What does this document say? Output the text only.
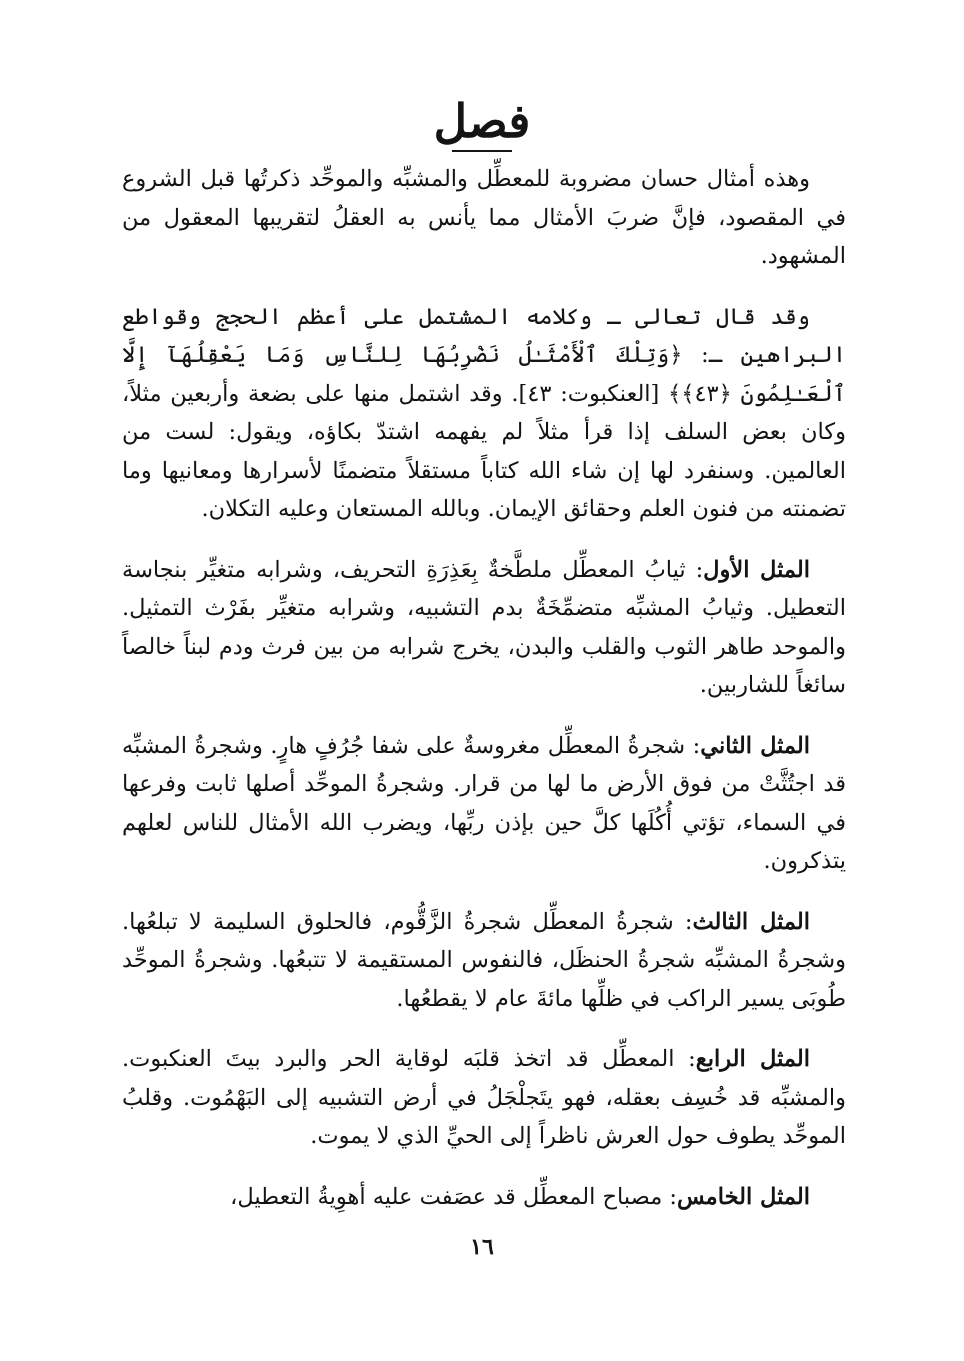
فصل

وهذه أمثال حسان مضروبة للمعطِّل والمشبِّه والموحِّد ذكرتُها قبل الشروع في المقصود، فإنَّ ضربَ الأمثال مما يأنس به العقلُ لتقريبها المعقول من المشهود.

وقد قال تعالى ـ وكلامه المشتمل على أعظم الحجج وقواطع البراهين ـ: ﴿وَتِلْكَ ٱلْأَمْثَـٰلُ نَضْرِبُهَا لِلنَّاسِ وَمَا يَعْقِلُهَآ إِلَّا ٱلْعَـٰلِمُونَ ﴿٤٣﴾﴾ [العنكبوت: ٤٣]. وقد اشتمل منها على بضعة وأربعين مثلاً، وكان بعض السلف إذا قرأ مثلاً لم يفهمه اشتدّ بكاؤه، ويقول: لست من العالمين. وسنفرد لها إن شاء الله كتاباً مستقلاً متضمنًا لأسرارها ومعانيها وما تضمنته من فنون العلم وحقائق الإيمان. وبالله المستعان وعليه التكلان.

المثل الأول: ثيابُ المعطِّل ملطَّخةٌ بِعَذِرَةِ التحريف، وشرابه متغيِّر بنجاسة التعطيل. وثيابُ المشبِّه متضمِّخَةٌ بدم التشبيه، وشرابه متغيِّر بفَرْث التمثيل. والموحد طاهر الثوب والقلب والبدن، يخرج شرابه من بين فرث ودم لبناً خالصاً سائغاً للشاربين.

المثل الثاني: شجرةُ المعطِّل مغروسةٌ على شفا جُرُفٍ هارٍ. وشجرةُ المشبِّه قد اجتُثَّتْ من فوق الأرض ما لها من قرار. وشجرةُ الموحِّد أصلها ثابت وفرعها في السماء، تؤتي أُكُلَها كلَّ حين بإذن ربِّها، ويضرب الله الأمثال للناس لعلهم يتذكرون.

المثل الثالث: شجرةُ المعطِّل شجرةُ الزَّقُّوم، فالحلوق السليمة لا تبلعُها. وشجرةُ المشبِّه شجرةُ الحنظَل، فالنفوس المستقيمة لا تتبعُها. وشجرةُ الموحِّد طُوبَى يسير الراكب في ظلِّها مائةَ عام لا يقطعُها.

المثل الرابع: المعطِّل قد اتخذ قلبَه لوقاية الحر والبرد بيتَ العنكبوت. والمشبِّه قد خُسِف بعقله، فهو يتَجلْجَلُ في أرض التشبيه إلى البَهْمُوت. وقلبُ الموحِّد يطوف حول العرش ناظراً إلى الحيِّ الذي لا يموت.

المثل الخامس: مصباح المعطِّل قد عصَفت عليه أهوِيةُ التعطيل،

١٦
